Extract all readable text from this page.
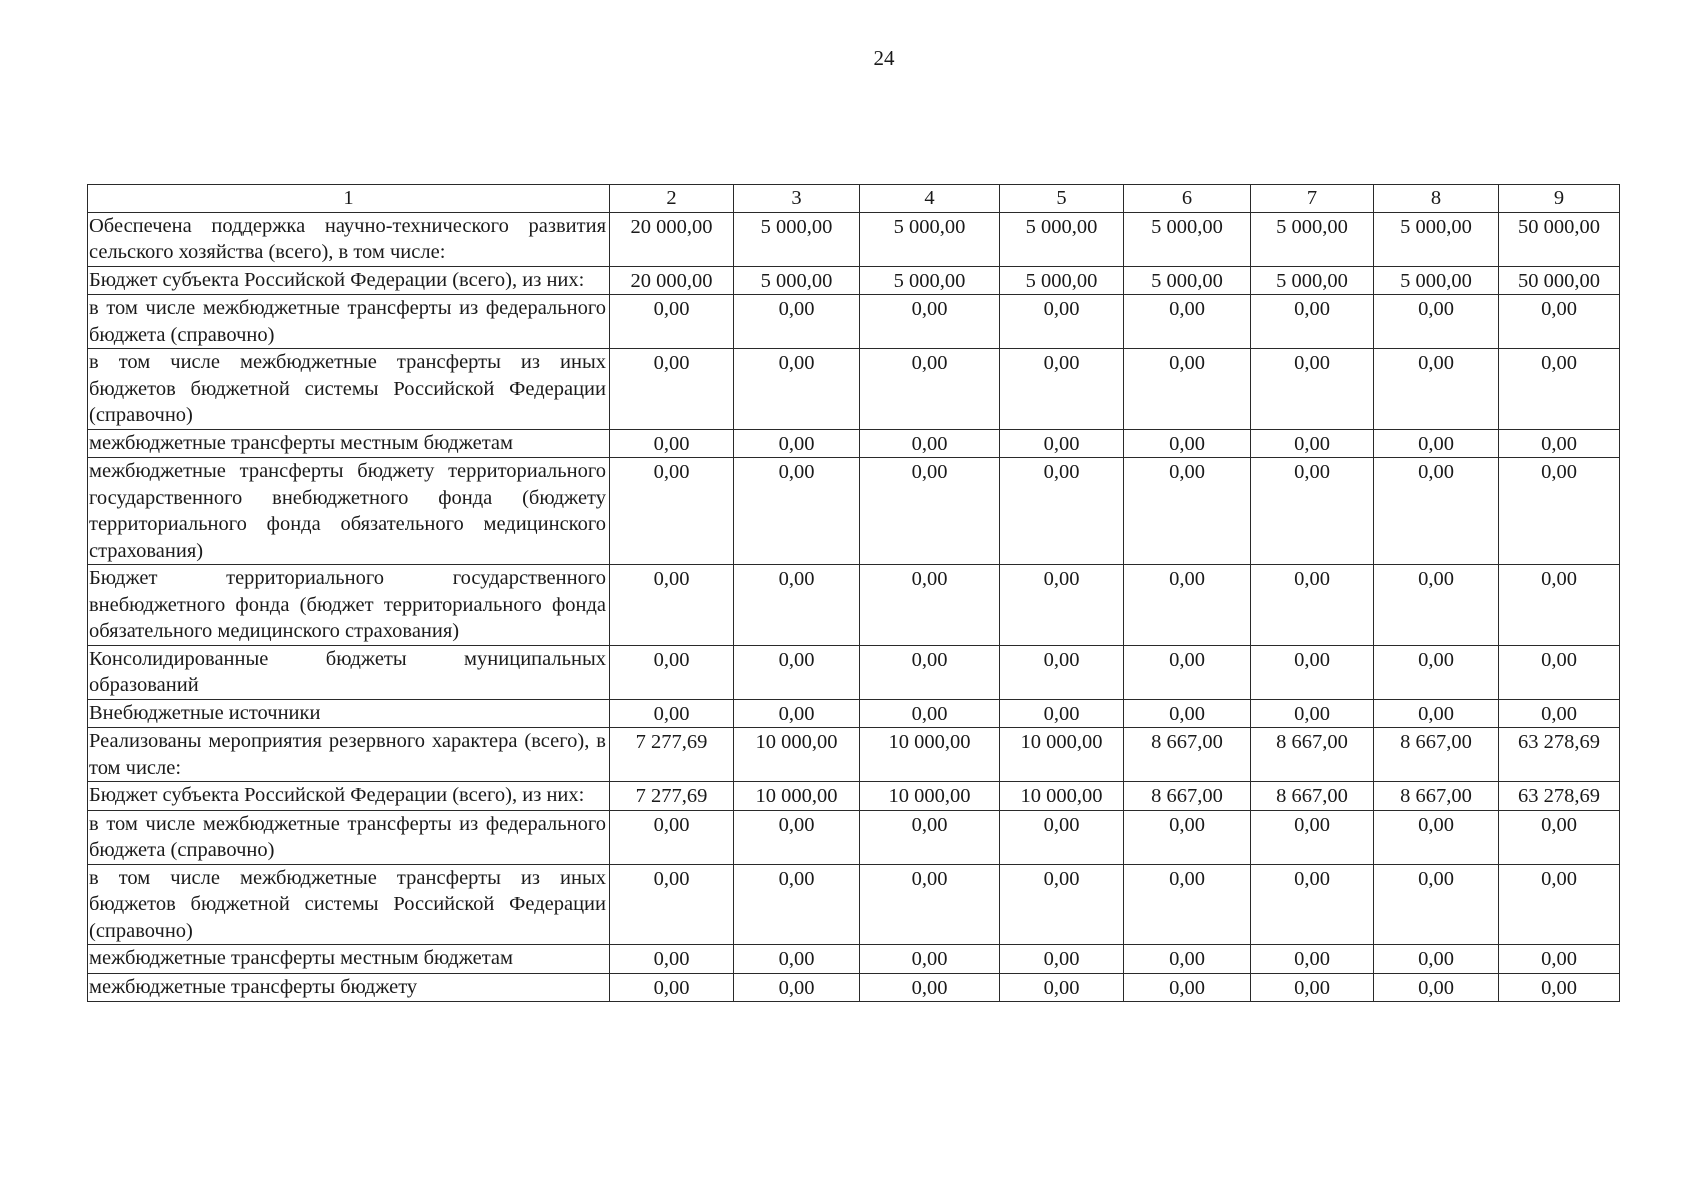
24
1	2	3	4	5	6	7	8	9
Обеспечена поддержка научно-технического развития сельского хозяйства (всего), в том числе:	20 000,00	5 000,00	5 000,00	5 000,00	5 000,00	5 000,00	5 000,00	50 000,00
Бюджет субъекта Российской Федерации (всего), из них:	20 000,00	5 000,00	5 000,00	5 000,00	5 000,00	5 000,00	5 000,00	50 000,00
в том числе межбюджетные трансферты из федерального бюджета (справочно)	0,00	0,00	0,00	0,00	0,00	0,00	0,00	0,00
в том числе межбюджетные трансферты из иных бюджетов бюджетной системы Российской Федерации (справочно)	0,00	0,00	0,00	0,00	0,00	0,00	0,00	0,00
межбюджетные трансферты местным бюджетам	0,00	0,00	0,00	0,00	0,00	0,00	0,00	0,00
межбюджетные трансферты бюджету территориального государственного внебюджетного фонда (бюджету территориального фонда обязательного медицинского страхования)	0,00	0,00	0,00	0,00	0,00	0,00	0,00	0,00
Бюджет территориального государственного внебюджетного фонда (бюджет территориального фонда обязательного медицинского страхования)	0,00	0,00	0,00	0,00	0,00	0,00	0,00	0,00
Консолидированные бюджеты муниципальных образований	0,00	0,00	0,00	0,00	0,00	0,00	0,00	0,00
Внебюджетные источники	0,00	0,00	0,00	0,00	0,00	0,00	0,00	0,00
Реализованы мероприятия резервного характера (всего), в том числе:	7 277,69	10 000,00	10 000,00	10 000,00	8 667,00	8 667,00	8 667,00	63 278,69
Бюджет субъекта Российской Федерации (всего), из них:	7 277,69	10 000,00	10 000,00	10 000,00	8 667,00	8 667,00	8 667,00	63 278,69
в том числе межбюджетные трансферты из федерального бюджета (справочно)	0,00	0,00	0,00	0,00	0,00	0,00	0,00	0,00
в том числе межбюджетные трансферты из иных бюджетов бюджетной системы Российской Федерации (справочно)	0,00	0,00	0,00	0,00	0,00	0,00	0,00	0,00
межбюджетные трансферты местным бюджетам	0,00	0,00	0,00	0,00	0,00	0,00	0,00	0,00
межбюджетные трансферты бюджету	0,00	0,00	0,00	0,00	0,00	0,00	0,00	0,00
